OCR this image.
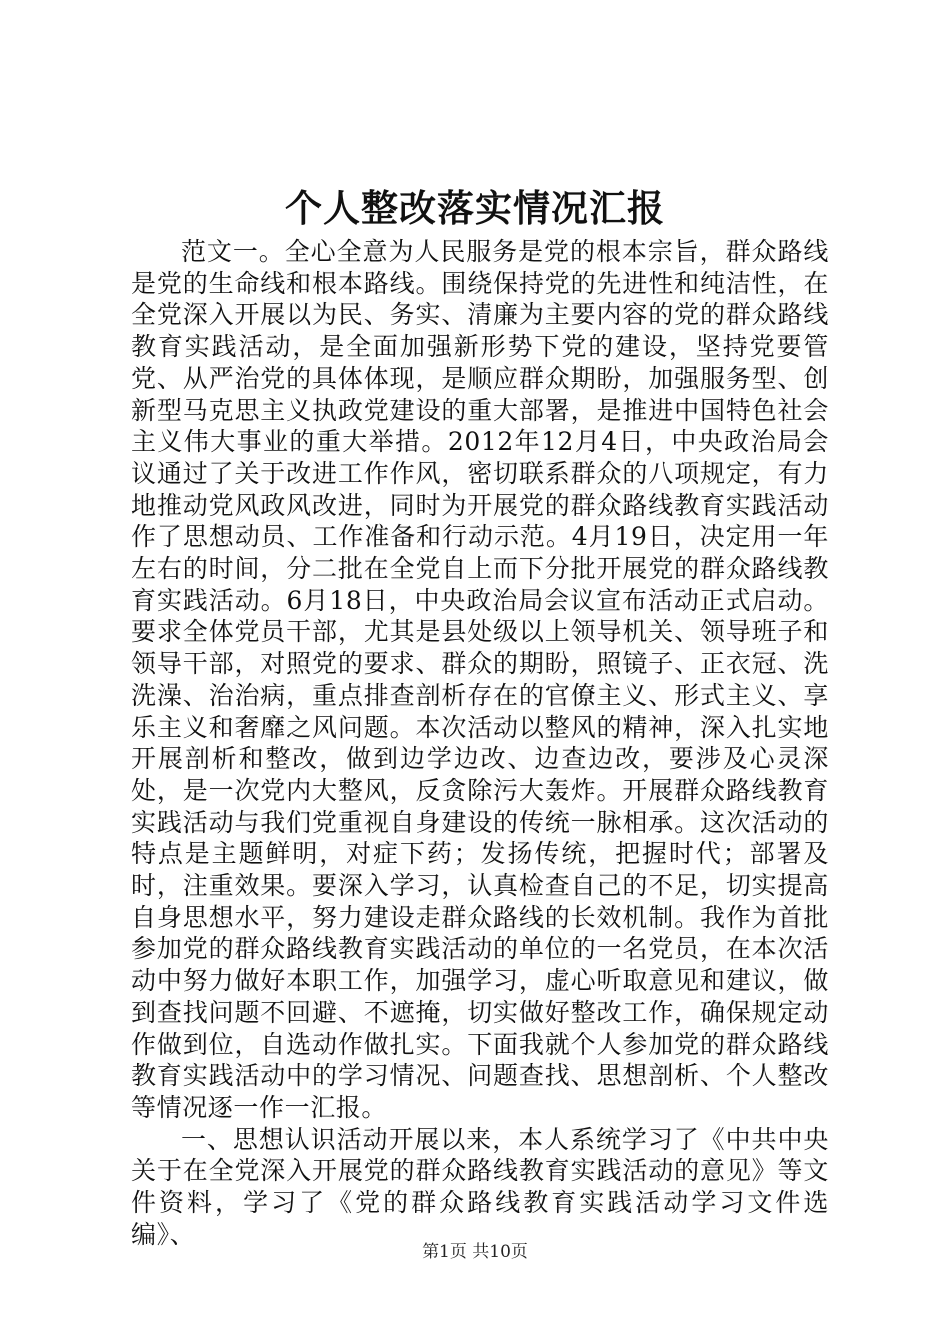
个人整改落实情况汇报

范文一。全心全意为人民服务是党的根本宗旨，群众路线是党的生命线和根本路线。围绕保持党的先进性和纯洁性，在全党深入开展以为民、务实、清廉为主要内容的党的群众路线教育实践活动，是全面加强新形势下党的建设，坚持党要管党、从严治党的具体体现，是顺应群众期盼，加强服务型、创新型马克思主义执政党建设的重大部署，是推进中国特色社会主义伟大事业的重大举措。2012年12月4日，中央政治局会议通过了关于改进工作作风，密切联系群众的八项规定，有力地推动党风政风改进，同时为开展党的群众路线教育实践活动作了思想动员、工作准备和行动示范。4月19日，决定用一年左右的时间，分二批在全党自上而下分批开展党的群众路线教育实践活动。6月18日，中央政治局会议宣布活动正式启动。要求全体党员干部，尤其是县处级以上领导机关、领导班子和领导干部，对照党的要求、群众的期盼，照镜子、正衣冠、洗洗澡、治治病，重点排查剖析存在的官僚主义、形式主义、享乐主义和奢靡之风问题。本次活动以整风的精神，深入扎实地开展剖析和整改，做到边学边改、边查边改，要涉及心灵深处，是一次党内大整风，反贪除污大轰炸。开展群众路线教育实践活动与我们党重视自身建设的传统一脉相承。这次活动的特点是主题鲜明，对症下药；发扬传统，把握时代；部署及时，注重效果。要深入学习，认真检查自己的不足，切实提高自身思想水平，努力建设走群众路线的长效机制。我作为首批参加党的群众路线教育实践活动的单位的一名党员，在本次活动中努力做好本职工作，加强学习，虚心听取意见和建议，做到查找问题不回避、不遮掩，切实做好整改工作，确保规定动作做到位，自选动作做扎实。下面我就个人参加党的群众路线教育实践活动中的学习情况、问题查找、思想剖析、个人整改等情况逐一作一汇报。

一、思想认识活动开展以来，本人系统学习了《中共中央关于在全党深入开展党的群众路线教育实践活动的意见》等文件资料，学习了《党的群众路线教育实践活动学习文件选编》、

第1页 共10页
